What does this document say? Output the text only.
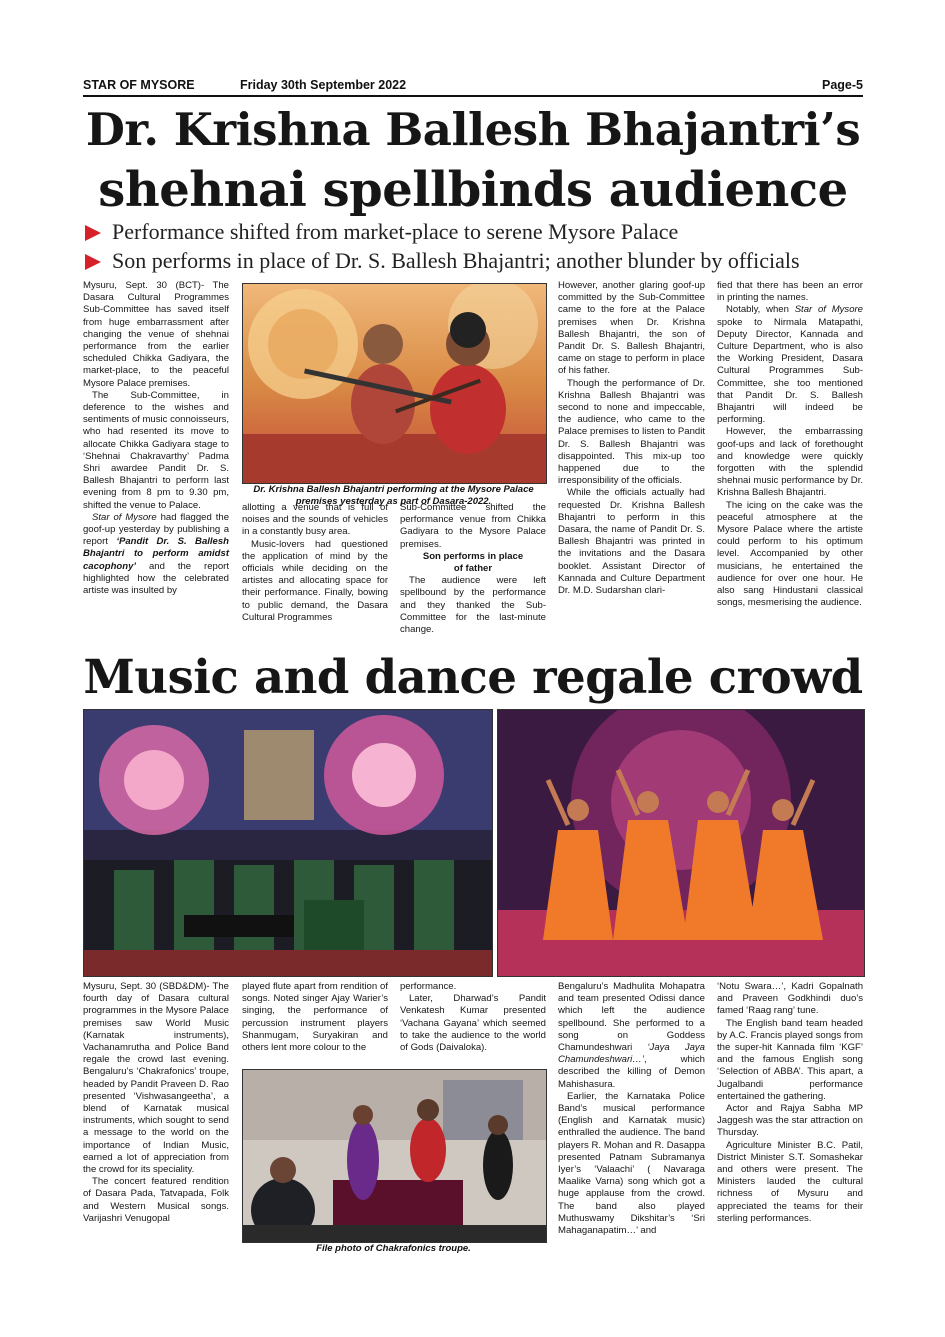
STAR OF MYSORE	Friday 30th September 2022	Page-5
Dr. Krishna Ballesh Bhajantri’s
shehnai spellbinds audience
Performance shifted from market-place to serene Mysore Palace
Son performs in place of Dr. S. Ballesh Bhajantri; another blunder by officials

Mysuru, Sept. 30 (BCT)- The Dasara Cultural Programmes Sub-Committee has saved itself from huge embarrassment after changing the venue of shehnai performance from the earlier scheduled Chikka Gadiyara, the market-place, to the peaceful Mysore Palace premises.

The Sub-Committee, in deference to the wishes and sentiments of music connoisseurs, who had resented its move to allocate Chikka Gadiyara stage to ‘Shehnai Chakravarthy’ Padma Shri awardee Pandit Dr. S. Ballesh Bhajantri to perform last evening from 8 pm to 9.30 pm, shifted the venue to Palace.

Star of Mysore had flagged the goof-up yesterday by publishing a report ‘Pandit Dr. S. Ballesh Bhajantri to perform amidst cacophony’ and the report highlighted how the celebrated artiste was insulted by

Dr. Krishna Ballesh Bhajantri performing at the Mysore Palace
premises yesterday as part of Dasara-2022.

allotting a venue that is full of noises and the sounds of vehicles in a constantly busy area.

Music-lovers had questioned the application of mind by the officials while deciding on the artistes and allocating space for their performance. Finally, bowing to public demand, the Dasara Cultural Programmes

Sub-Committee shifted the performance venue from Chikka Gadiyara to the Mysore Palace premises.

Son performs in place
of father

The audience were left spellbound by the performance and they thanked the Sub-Committee for the last-minute change.

However, another glaring goof-up committed by the Sub-Committee came to the fore at the Palace premises when Dr. Krishna Ballesh Bhajantri, the son of Pandit Dr. S. Ballesh Bhajantri, came on stage to perform in place of his father.

Though the performance of Dr. Krishna Ballesh Bhajantri was second to none and impeccable, the audience, who came to the Palace premises to listen to Pandit Dr. S. Ballesh Bhajantri was disappointed. This mix-up too happened due to the irresponsibility of the officials.

While the officials actually had requested Dr. Krishna Ballesh Bhajantri to perform in this Dasara, the name of Pandit Dr. S. Ballesh Bhajantri was printed in the invitations and the Dasara booklet. Assistant Director of Kannada and Culture Department Dr. M.D. Sudarshan clari-

fied that there has been an error in printing the names.

Notably, when Star of Mysore spoke to Nirmala Matapathi, Deputy Director, Kannada and Culture Department, who is also the Working President, Dasara Cultural Programmes Sub-Committee, she too mentioned that Pandit Dr. S. Ballesh Bhajantri will indeed be performing.

However, the embarrassing goof-ups and lack of forethought and knowledge were quickly forgotten with the splendid shehnai music performance by Dr. Krishna Ballesh Bhajantri.

The icing on the cake was the peaceful atmosphere at the Mysore Palace where the artiste could perform to his optimum level. Accompanied by other musicians, he entertained the audience for over one hour. He also sang Hindustani classical songs, mesmerising the audience.

Music and dance regale crowd

Mysuru, Sept. 30 (SBD&DM)- The fourth day of Dasara cultural programmes in the Mysore Palace premises saw World Music (Karnatak instruments), Vachanamrutha and Police Band regale the crowd last evening. Bengaluru’s ‘Chakrafonics’ troupe, headed by Pandit Praveen D. Rao presented ‘Vishwasangeetha’, a blend of Karnatak musical instruments, which sought to send a message to the world on the importance of Indian Music, earned a lot of appreciation from the crowd for its speciality.

The concert featured rendition of Dasara Pada, Tatvapada, Folk and Western Musical songs. Varijashri Venugopal

played flute apart from rendition of songs. Noted singer Ajay Warier’s singing, the performance of percussion instrument players Shanmugam, Suryakiran and others lent more colour to the

performance.

Later, Dharwad’s Pandit Venkatesh Kumar presented ‘Vachana Gayana’ which seemed to take the audience to the world of Gods (Daivaloka).

File photo of Chakrafonics troupe.

Bengaluru’s Madhulita Mohapatra and team presented Odissi dance which left the audience spellbound. She performed to a song on Goddess Chamundeshwari ‘Jaya Jaya Chamundeshwari…’, which described the killing of Demon Mahishasura.

Earlier, the Karnataka Police Band’s musical performance (English and Karnatak music) enthralled the audience. The band players R. Mohan and R. Dasappa presented Patnam Subramanya Iyer’s ‘Valaachi’ ( Navaraga Maalike Varna) song which got a huge applause from the crowd. The band also played Muthuswamy Dikshitar’s ‘Sri Mahaganapatim…’ and

‘Notu Swara…’, Kadri Gopalnath and Praveen Godkhindi duo’s famed ‘Raag rang’ tune.

The English band team headed by A.C. Francis played songs from the super-hit Kannada film ‘KGF’ and the famous English song ‘Selection of ABBA’. This apart, a Jugalbandi performance entertained the gathering.

Actor and Rajya Sabha MP Jaggesh was the star attraction on Thursday.

Agriculture Minister B.C. Patil, District Minister S.T. Somashekar and others were present. The Ministers lauded the cultural richness of Mysuru and appreciated the teams for their sterling performances.
